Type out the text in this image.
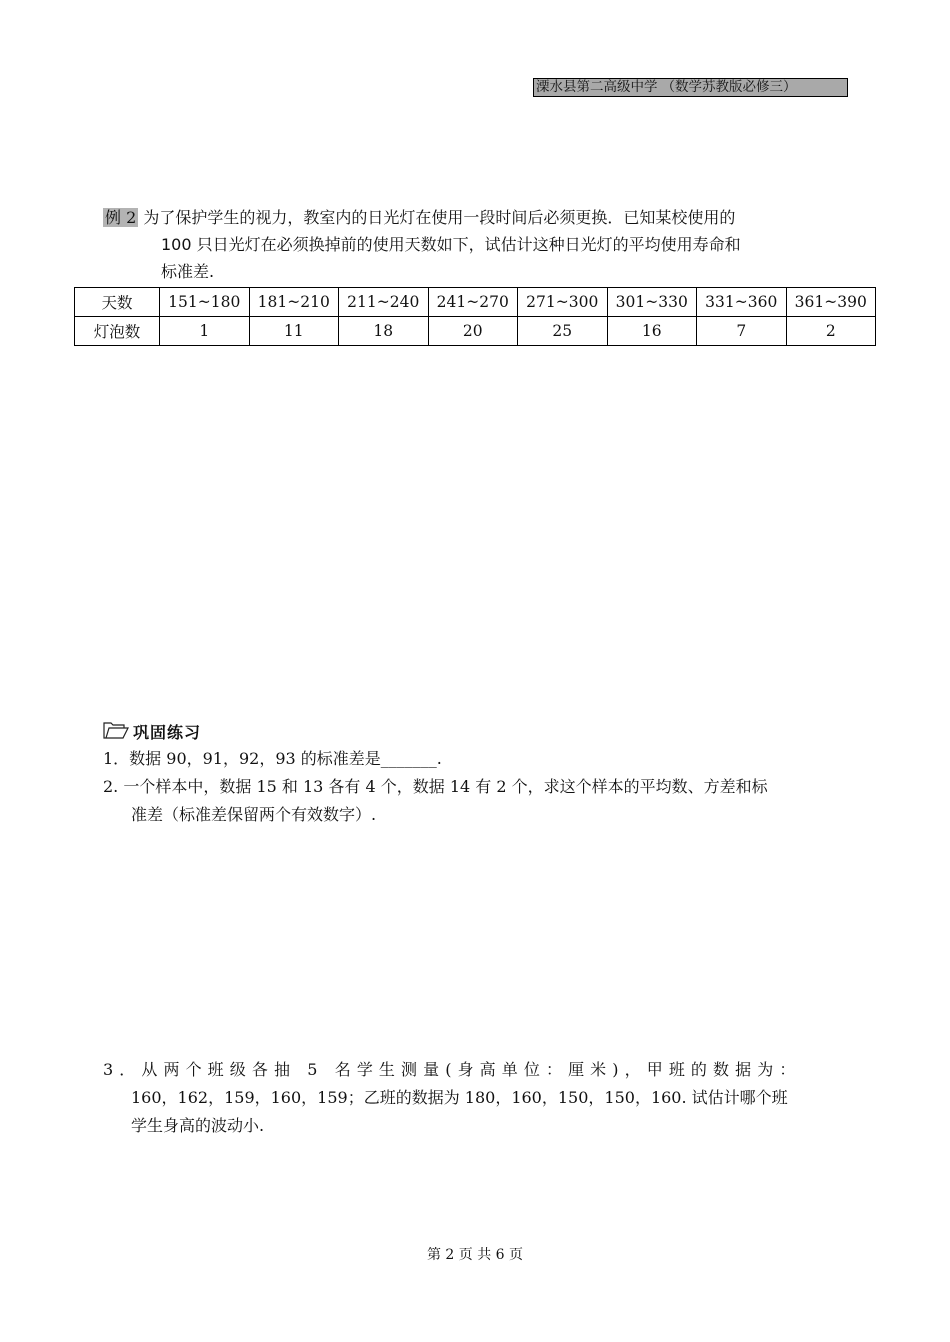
溧水县第二高级中学 （数学苏教版必修三）
例 2 为了保护学生的视力，教室内的日光灯在使用一段时间后必须更换．已知某校使用的
100 只日光灯在必须换掉前的使用天数如下，试估计这种日光灯的平均使用寿命和
标准差.
天数	151~180	181~210	211~240	241~270	271~300	301~330	331~360	361~390
灯泡数	1	11	18	20	25	16	7	2
巩固练习
1．数据 90，91，92，93 的标准差是_______.
2. 一个样本中，数据 15 和 13 各有 4 个，数据 14 有 2 个，求这个样本的平均数、方差和标
准差（标准差保留两个有效数字）.
3．从两个班级各抽 5 名学生测量(身高单位：厘米)，甲班的数据为：
160，162，159，160，159；乙班的数据为 180，160，150，150，160. 试估计哪个班
学生身高的波动小.
第 2 页 共 6 页
